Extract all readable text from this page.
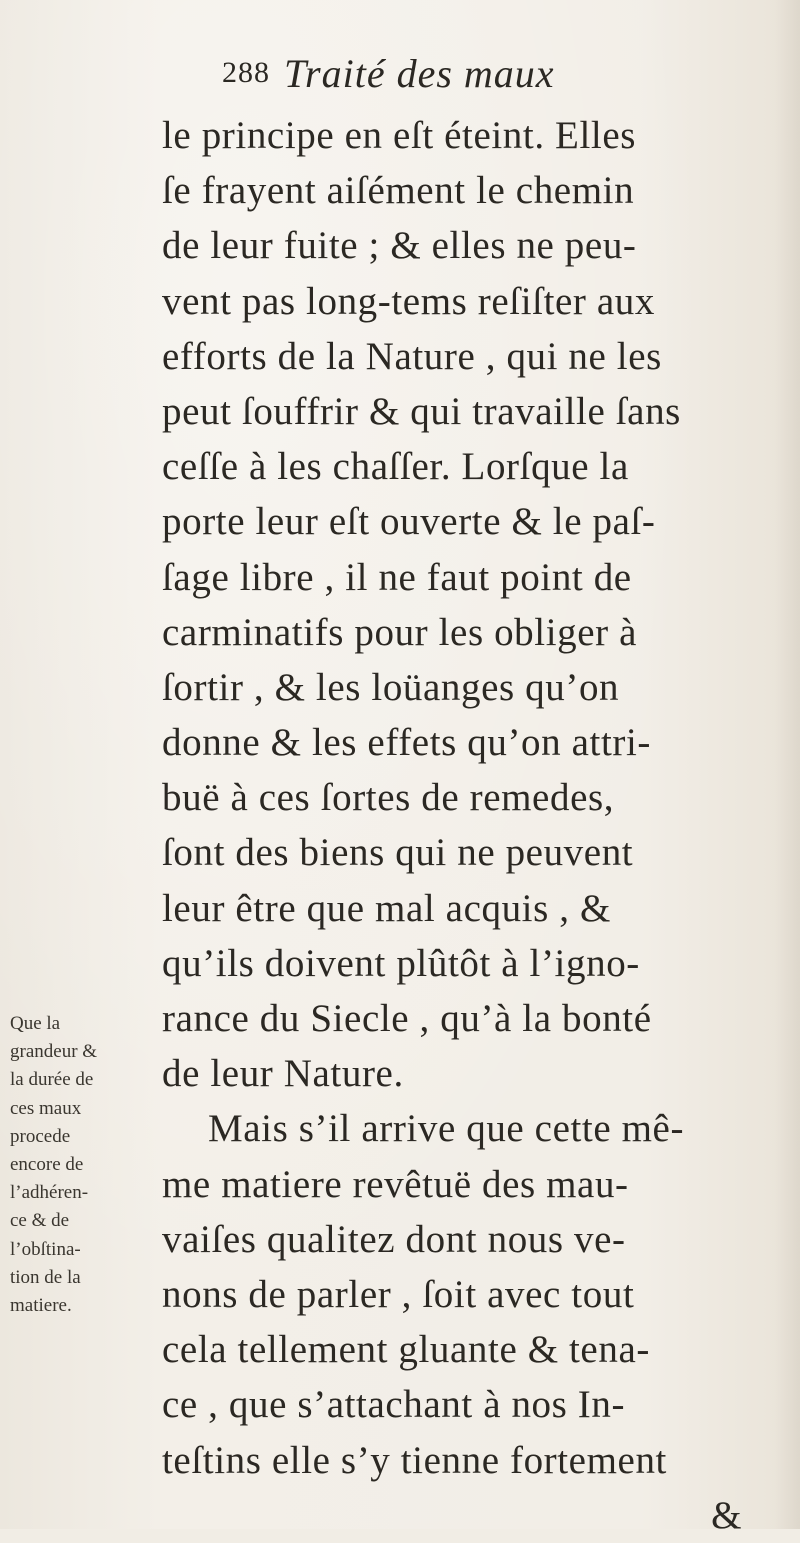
288 Traité des maux
le principe en eſt éteint. Elles
ſe frayent aiſément le chemin
de leur fuite ; & elles ne peu-
vent pas long-tems reſiſter aux
efforts de la Nature , qui ne les
peut ſouffrir & qui travaille ſans
ceſſe à les chaſſer. Lorſque la
porte leur eſt ouverte & le paſ-
ſage libre , il ne faut point de
carminatifs pour les obliger à
ſortir , & les loüanges qu’on
donne & les effets qu’on attri-
buë à ces ſortes de remedes,
ſont des biens qui ne peuvent
leur être que mal acquis , &
qu’ils doivent plûtôt à l’igno-
rance du Siecle , qu’à la bonté
de leur Nature.
Mais s’il arrive que cette mê-
me matiere revêtuë des mau-
vaiſes qualitez dont nous ve-
nons de parler , ſoit avec tout
cela tellement gluante & tena-
ce , que s’attachant à nos In-
teſtins elle s’y tienne fortement
&
Que la
grandeur &
la durée de
ces maux
procede
encore de
l’adhéren-
ce & de
l’obſtina-
tion de la
matiere.
